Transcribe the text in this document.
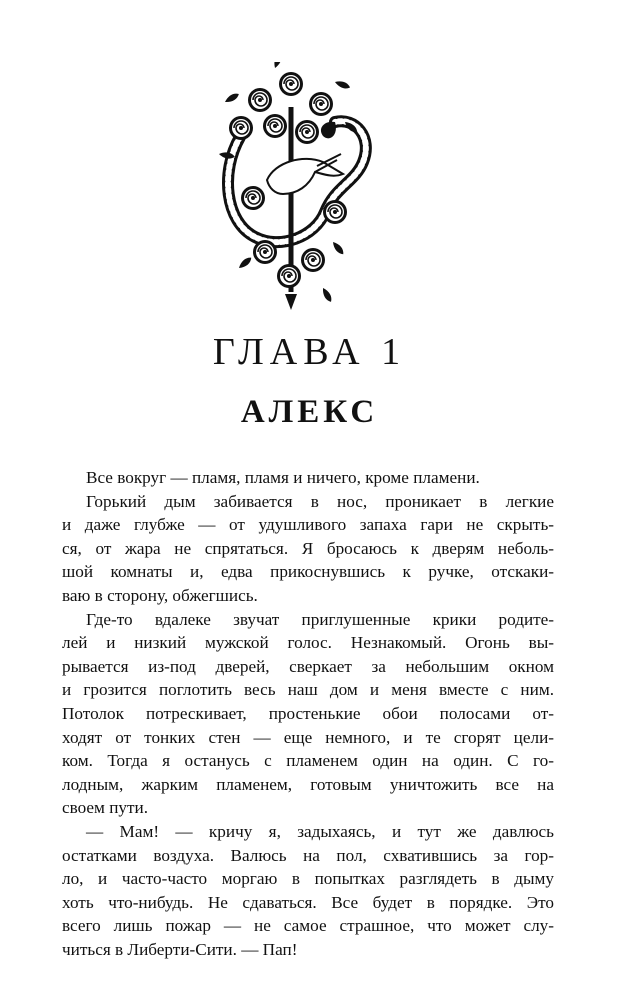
ГЛАВА 1
АЛЕКС
Все вокруг — пламя, пламя и ничего, кроме пламени.
Горький дым забивается в нос, проникает в легкие
и даже глубже — от удушливого запаха гари не скрыть-
ся, от жара не спрятаться. Я бросаюсь к дверям неболь-
шой комнаты и, едва прикоснувшись к ручке, отскаки-
ваю в сторону, обжегшись.
Где-то вдалеке звучат приглушенные крики родите-
лей и низкий мужской голос. Незнакомый. Огонь вы-
рывается из-под дверей, сверкает за небольшим окном
и грозится поглотить весь наш дом и меня вместе с ним.
Потолок потрескивает, простенькие обои полосами от-
ходят от тонких стен — еще немного, и те сгорят цели-
ком. Тогда я останусь с пламенем один на один. С го-
лодным, жарким пламенем, готовым уничтожить все на
своем пути.
— Мам! — кричу я, задыхаясь, и тут же давлюсь
остатками воздуха. Валюсь на пол, схватившись за гор-
ло, и часто-часто моргаю в попытках разглядеть в дыму
хоть что-нибудь. Не сдаваться. Все будет в порядке. Это
всего лишь пожар — не самое страшное, что может слу-
читься в Либерти-Сити. — Пап!
